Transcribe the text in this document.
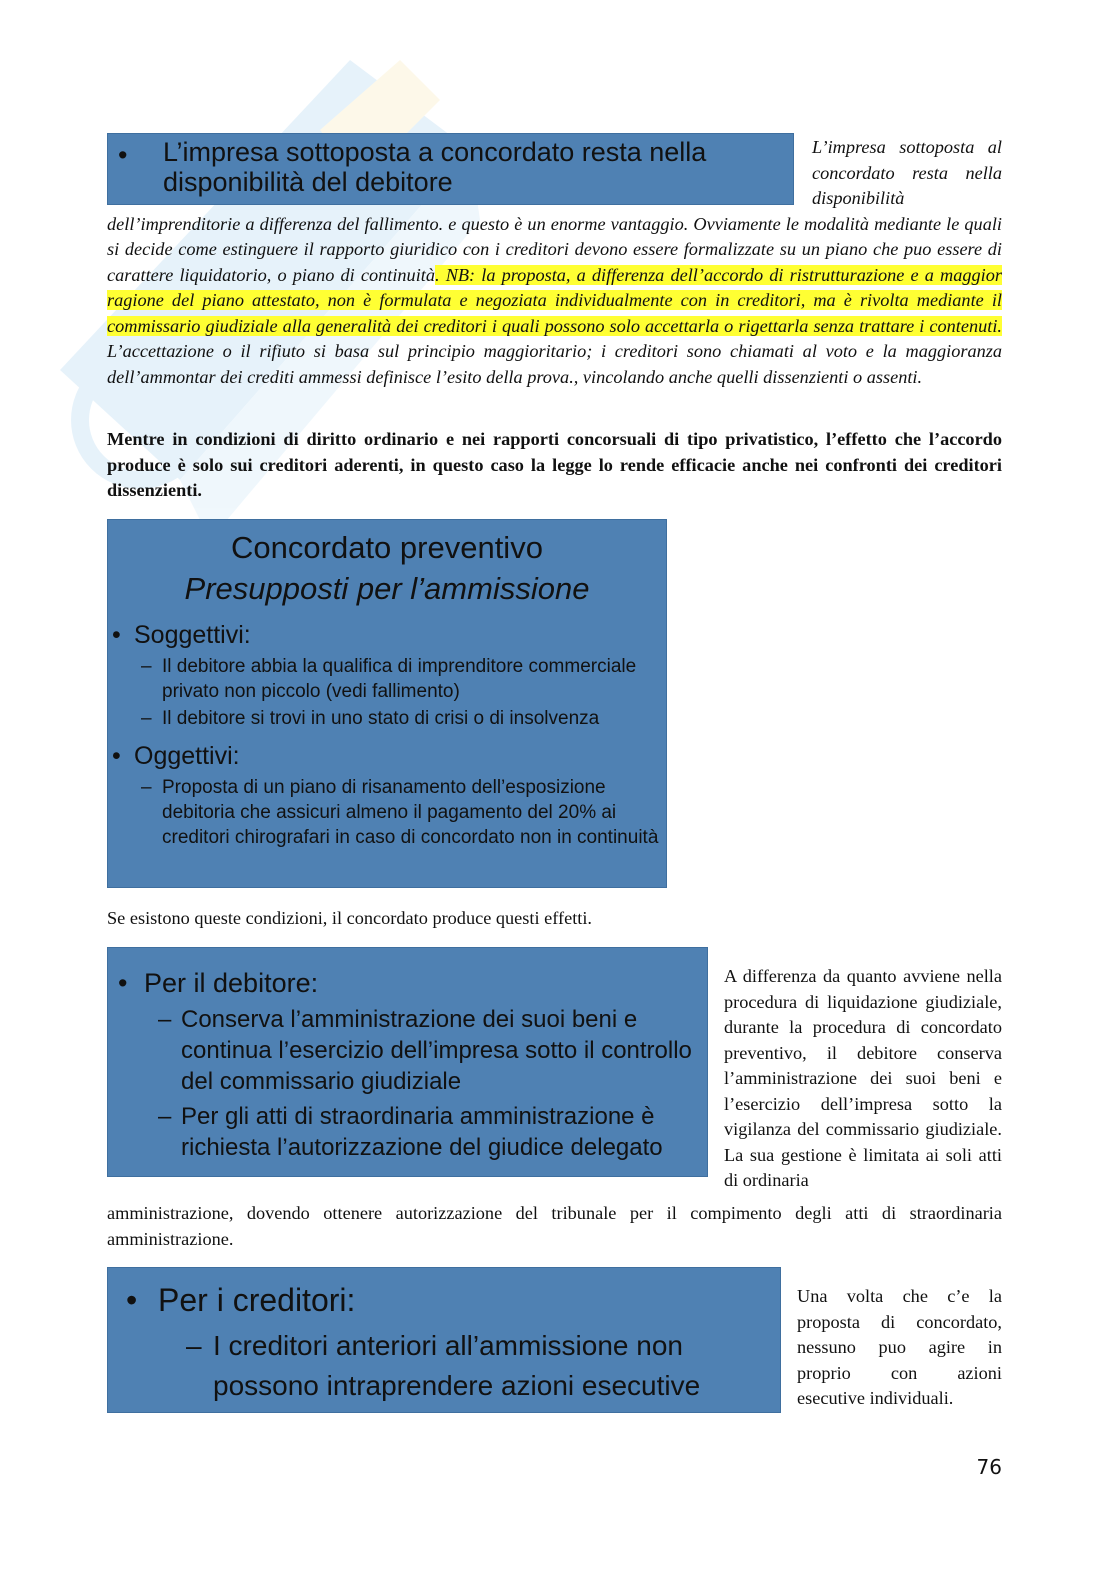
• L’impresa sottoposta a concordato resta nella disponibilità del debitore

L’impresa sottoposta al concordato resta nella disponibilità dell’imprenditorie a differenza del fallimento. e questo è un enorme vantaggio. Ovviamente le modalità mediante le quali si decide come estinguere il rapporto giuridico con i creditori devono essere formalizzate su un piano che puo essere di carattere liquidatorio, o piano di continuità. NB: la proposta, a differenza dell’accordo di ristrutturazione e a maggior ragione del piano attestato, non è formulata e negoziata individualmente con in creditori, ma è rivolta mediante il commissario giudiziale alla generalità dei creditori i quali possono solo accettarla o rigettarla senza trattare i contenuti. L’accettazione o il rifiuto si basa sul principio maggioritario; i creditori sono chiamati al voto e la maggioranza dell’ammontar dei crediti ammessi definisce l’esito della prova., vincolando anche quelli dissenzienti o assenti.

Mentre in condizioni di diritto ordinario e nei rapporti concorsuali di tipo privatistico, l’effetto che l’accordo produce è solo sui creditori aderenti, in questo caso la legge lo rende efficacie anche nei confronti dei creditori dissenzienti.

Concordato preventivo
Presupposti per l’ammissione
• Soggettivi:
– Il debitore abbia la qualifica di imprenditore commerciale privato non piccolo (vedi fallimento)
– Il debitore si trovi in uno stato di crisi o di insolvenza
• Oggettivi:
– Proposta di un piano di risanamento dell’esposizione debitoria che assicuri almeno il pagamento del 20% ai creditori chirografari in caso di concordato non in continuità

Se esistono queste condizioni, il concordato produce questi effetti.

• Per il debitore:
– Conserva l’amministrazione dei suoi beni e continua l’esercizio dell’impresa sotto il controllo del commissario giudiziale
– Per gli atti di straordinaria amministrazione è richiesta l’autorizzazione del giudice delegato

A differenza da quanto avviene nella procedura di liquidazione giudiziale, durante la procedura di concordato preventivo, il debitore conserva l’amministrazione dei suoi beni e l’esercizio dell’impresa sotto la vigilanza del commissario giudiziale. La sua gestione è limitata ai soli atti di ordinaria

amministrazione, dovendo ottenere autorizzazione del tribunale per il compimento degli atti di straordinaria amministrazione.

• Per i creditori:
– I creditori anteriori all’ammissione non possono intraprendere azioni esecutive

Una volta che c’e la proposta di concordato, nessuno puo agire in proprio con azioni esecutive individuali.

76
